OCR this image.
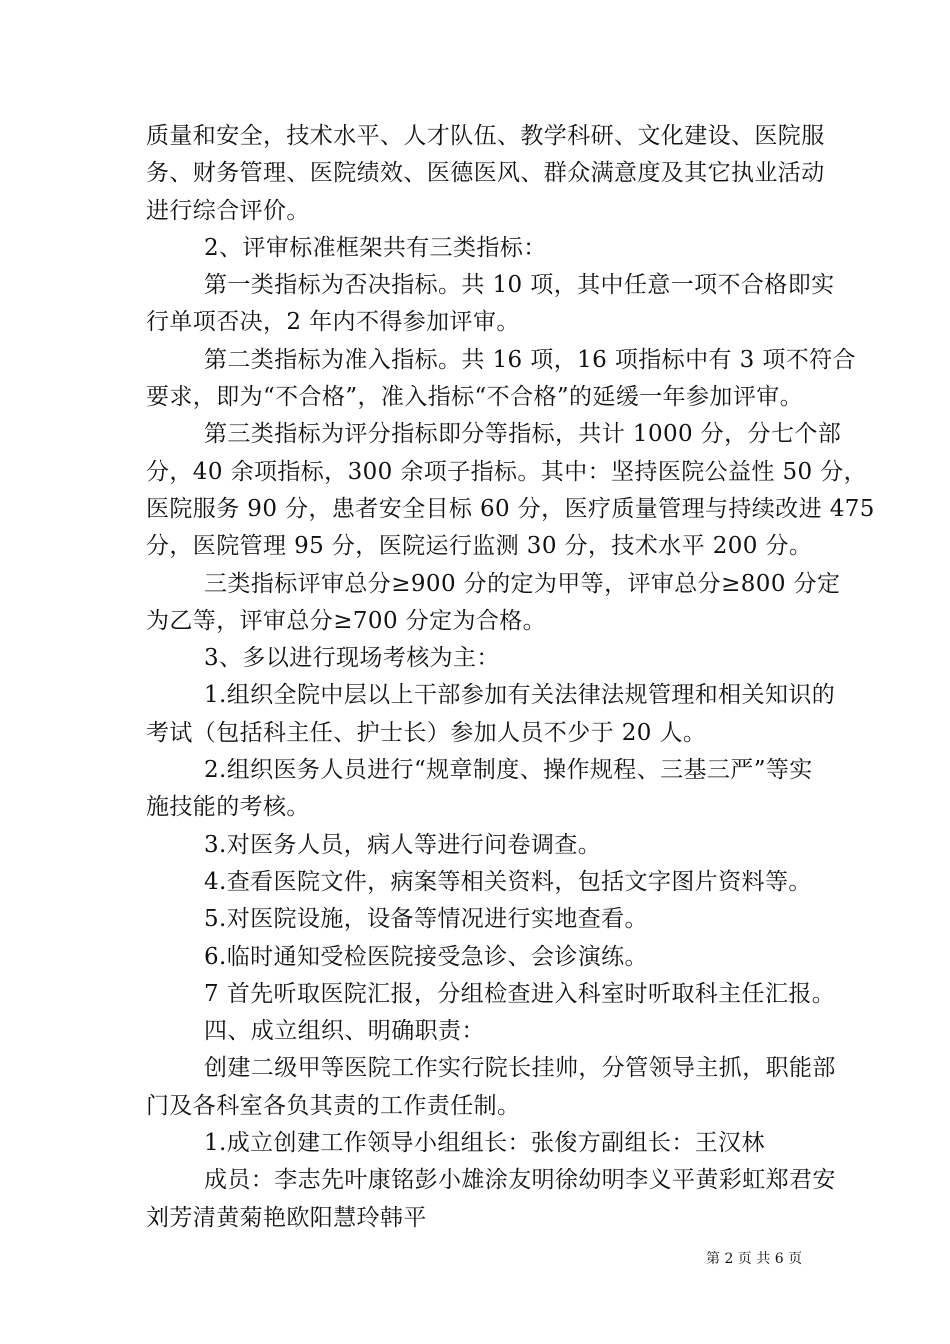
质量和安全，技术水平、人才队伍、教学科研、文化建设、医院服
务、财务管理、医院绩效、医德医风、群众满意度及其它执业活动
进行综合评价。
2、评审标准框架共有三类指标：
第一类指标为否决指标。共 10 项，其中任意一项不合格即实
行单项否决，2 年内不得参加评审。
第二类指标为准入指标。共 16 项，16 项指标中有 3 项不符合
要求，即为“不合格”，准入指标“不合格”的延缓一年参加评审。
第三类指标为评分指标即分等指标，共计 1000 分，分七个部
分，40 余项指标，300 余项子指标。其中：坚持医院公益性 50 分，
医院服务 90 分，患者安全目标 60 分，医疗质量管理与持续改进 475
分，医院管理 95 分，医院运行监测 30 分，技术水平 200 分。
三类指标评审总分≥900 分的定为甲等，评审总分≥800 分定
为乙等，评审总分≥700 分定为合格。
3、多以进行现场考核为主：
1.组织全院中层以上干部参加有关法律法规管理和相关知识的
考试（包括科主任、护士长）参加人员不少于 20 人。
2.组织医务人员进行“规章制度、操作规程、三基三严”等实
施技能的考核。
3.对医务人员，病人等进行问卷调查。
4.查看医院文件，病案等相关资料，包括文字图片资料等。
5.对医院设施，设备等情况进行实地查看。
6.临时通知受检医院接受急诊、会诊演练。
7 首先听取医院汇报，分组检查进入科室时听取科主任汇报。
四、成立组织、明确职责：
创建二级甲等医院工作实行院长挂帅，分管领导主抓，职能部
门及各科室各负其责的工作责任制。
1.成立创建工作领导小组组长：张俊方副组长：王汉林
成员：李志先叶康铭彭小雄涂友明徐幼明李义平黄彩虹郑君安
刘芳清黄菊艳欧阳慧玲韩平
第 2 页 共 6 页
